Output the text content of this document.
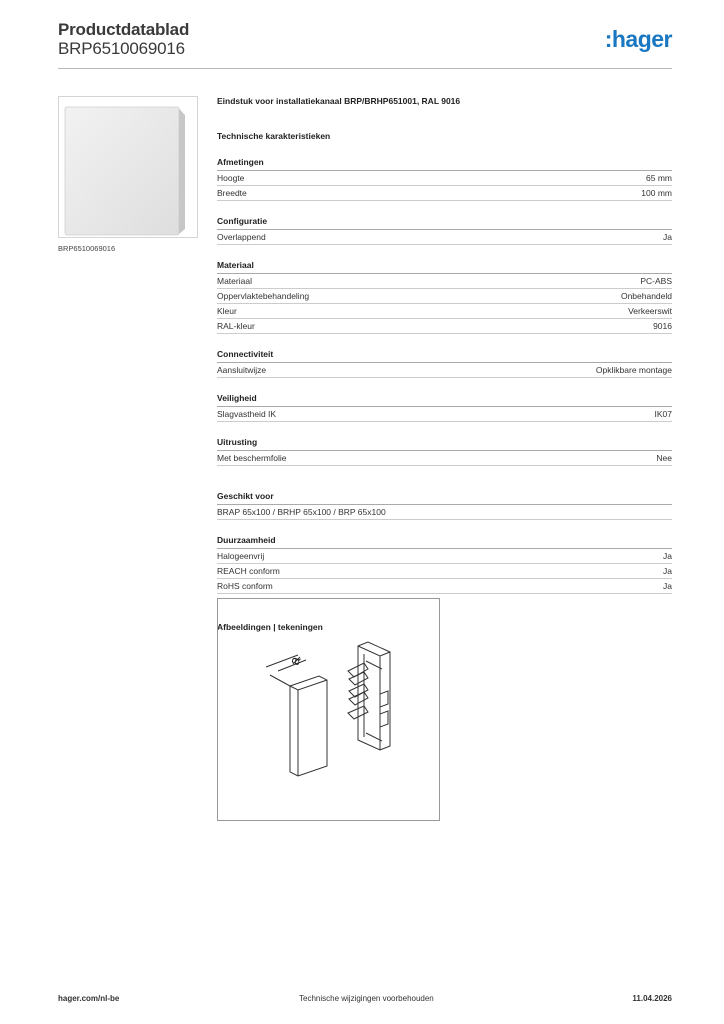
Productdatablad
BRP6510069016	:hager
BRP6510069016
Eindstuk voor installatiekanaal BRP/BRHP651001, RAL 9016
Technische karakteristieken
Afmetingen
Hoogte	65 mm
Breedte	100 mm
Configuratie
Overlappend	Ja
Materiaal
Materiaal	PC-ABS
Oppervlaktebehandeling	Onbehandeld
Kleur	Verkeerswit
RAL-kleur	9016
Connectiviteit
Aansluitwijze	Opklikbare montage
Veiligheid
Slagvastheid IK	IK07
Uitrusting
Met beschermfolie	Nee
Geschikt voor
BRAP 65x100 / BRHP 65x100 / BRP 65x100
Duurzaamheid
Halogeenvrij	Ja
REACH conform	Ja
RoHS conform	Ja
Afbeeldingen | tekeningen
a
hager.com/nl-be	Technische wijzigingen voorbehouden	11.04.2026
